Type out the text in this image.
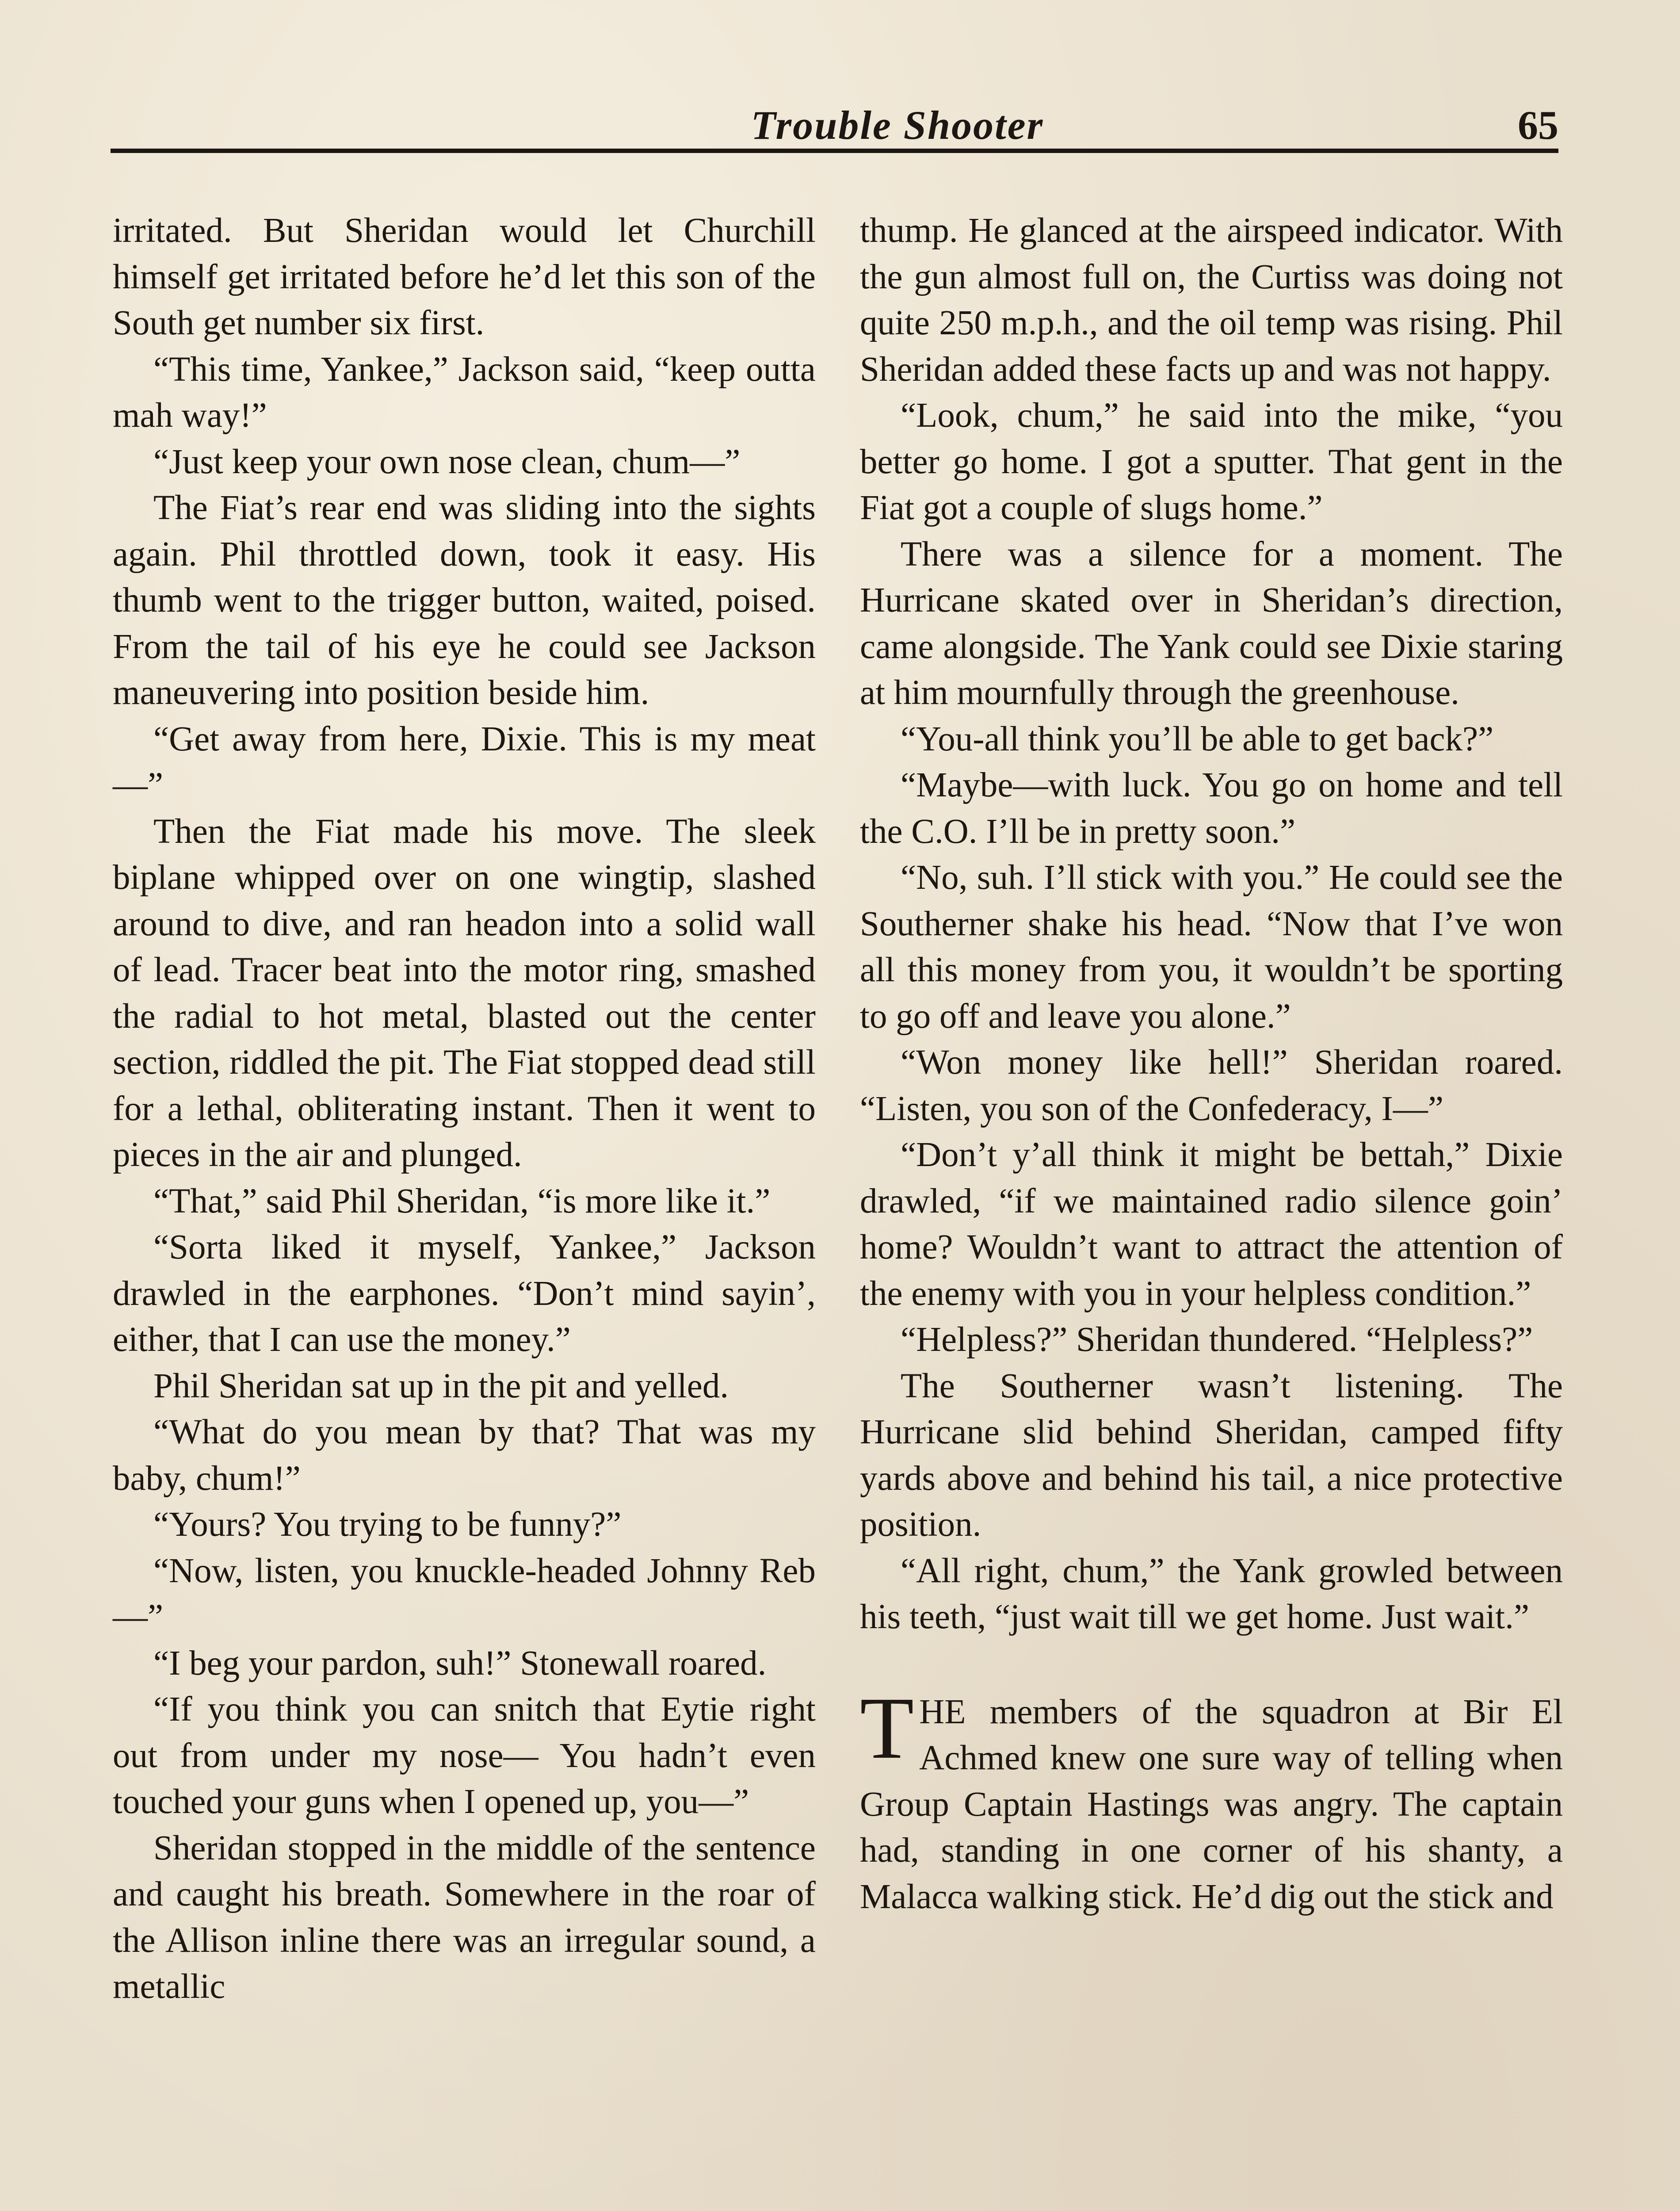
Trouble Shooter	65

irritated. But Sheridan would let Churchill himself get irritated before he’d let this son of the South get number six first.

“This time, Yankee,” Jackson said, “keep outta mah way!”

“Just keep your own nose clean, chum—”

The Fiat’s rear end was sliding into the sights again. Phil throttled down, took it easy. His thumb went to the trigger button, waited, poised. From the tail of his eye he could see Jackson maneuvering into position beside him.

“Get away from here, Dixie. This is my meat—”

Then the Fiat made his move. The sleek biplane whipped over on one wingtip, slashed around to dive, and ran headon into a solid wall of lead. Tracer beat into the motor ring, smashed the radial to hot metal, blasted out the center section, riddled the pit. The Fiat stopped dead still for a lethal, obliterating instant. Then it went to pieces in the air and plunged.

“That,” said Phil Sheridan, “is more like it.”

“Sorta liked it myself, Yankee,” Jackson drawled in the earphones. “Don’t mind sayin’, either, that I can use the money.”

Phil Sheridan sat up in the pit and yelled.

“What do you mean by that? That was my baby, chum!”

“Yours? You trying to be funny?”

“Now, listen, you knuckle-headed Johnny Reb—”

“I beg your pardon, suh!” Stonewall roared.

“If you think you can snitch that Eytie right out from under my nose— You hadn’t even touched your guns when I opened up, you—”

Sheridan stopped in the middle of the sentence and caught his breath. Somewhere in the roar of the Allison inline there was an irregular sound, a metallic

thump. He glanced at the airspeed indicator. With the gun almost full on, the Curtiss was doing not quite 250 m.p.h., and the oil temp was rising. Phil Sheridan added these facts up and was not happy.

“Look, chum,” he said into the mike, “you better go home. I got a sputter. That gent in the Fiat got a couple of slugs home.”

There was a silence for a moment. The Hurricane skated over in Sheridan’s direction, came alongside. The Yank could see Dixie staring at him mournfully through the greenhouse.

“You-all think you’ll be able to get back?”

“Maybe—with luck. You go on home and tell the C.O. I’ll be in pretty soon.”

“No, suh. I’ll stick with you.” He could see the Southerner shake his head. “Now that I’ve won all this money from you, it wouldn’t be sporting to go off and leave you alone.”

“Won money like hell!” Sheridan roared. “Listen, you son of the Confederacy, I—”

“Don’t y’all think it might be bettah,” Dixie drawled, “if we maintained radio silence goin’ home? Wouldn’t want to attract the attention of the enemy with you in your helpless condition.”

“Helpless?” Sheridan thundered. “Helpless?”

The Southerner wasn’t listening. The Hurricane slid behind Sheridan, camped fifty yards above and behind his tail, a nice protective position.

“All right, chum,” the Yank growled between his teeth, “just wait till we get home. Just wait.”

THE members of the squadron at Bir El Achmed knew one sure way of telling when Group Captain Hastings was angry. The captain had, standing in one corner of his shanty, a Malacca walking stick. He’d dig out the stick and
